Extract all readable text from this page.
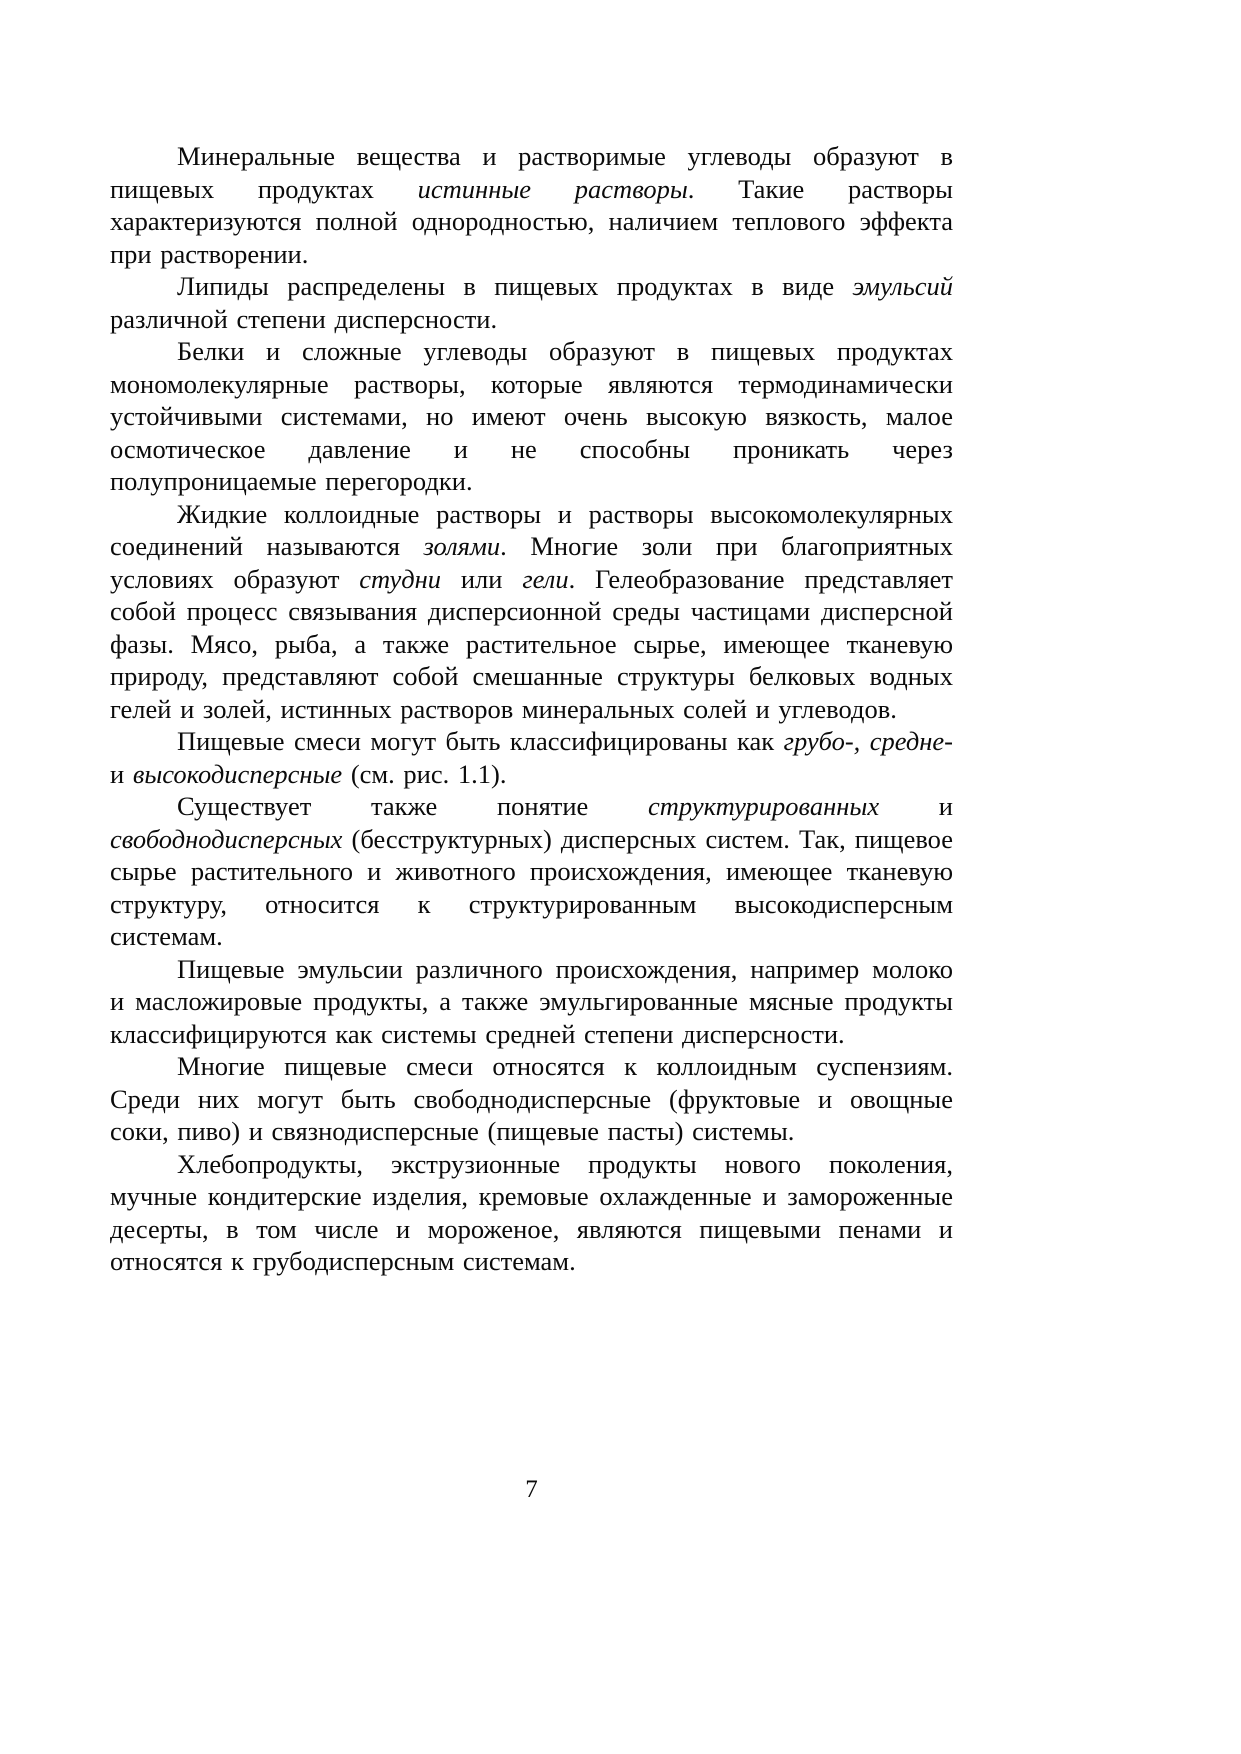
Минеральные вещества и растворимые углеводы образуют в пищевых продуктах истинные растворы. Такие растворы характеризуются полной однородностью, наличием теплового эффекта при растворении.

Липиды распределены в пищевых продуктах в виде эмульсий различной степени дисперсности.

Белки и сложные углеводы образуют в пищевых продуктах мономолекулярные растворы, которые являются термодинамически устойчивыми системами, но имеют очень высокую вязкость, малое осмотическое давление и не способны проникать через полупроницаемые перегородки.

Жидкие коллоидные растворы и растворы высокомолекулярных соединений называются золями. Многие золи при благоприятных условиях образуют студни или гели. Гелеобразование представляет собой процесс связывания дисперсионной среды частицами дисперсной фазы. Мясо, рыба, а также растительное сырье, имеющее тканевую природу, представляют собой смешанные структуры белковых водных гелей и золей, истинных растворов минеральных солей и углеводов.

Пищевые смеси могут быть классифицированы как грубо-, средне- и высокодисперсные (см. рис. 1.1).

Существует также понятие структурированных и свободнодисперсных (бесструктурных) дисперсных систем. Так, пищевое сырье растительного и животного происхождения, имеющее тканевую структуру, относится к структурированным высокодисперсным системам.

Пищевые эмульсии различного происхождения, например молоко и масложировые продукты, а также эмульгированные мясные продукты классифицируются как системы средней степени дисперсности.

Многие пищевые смеси относятся к коллоидным суспензиям. Среди них могут быть свободнодисперсные (фруктовые и овощные соки, пиво) и связнодисперсные (пищевые пасты) системы.

Хлебопродукты, экструзионные продукты нового поколения, мучные кондитерские изделия, кремовые охлажденные и замороженные десерты, в том числе и мороженое, являются пищевыми пенами и относятся к грубодисперсным системам.

7
